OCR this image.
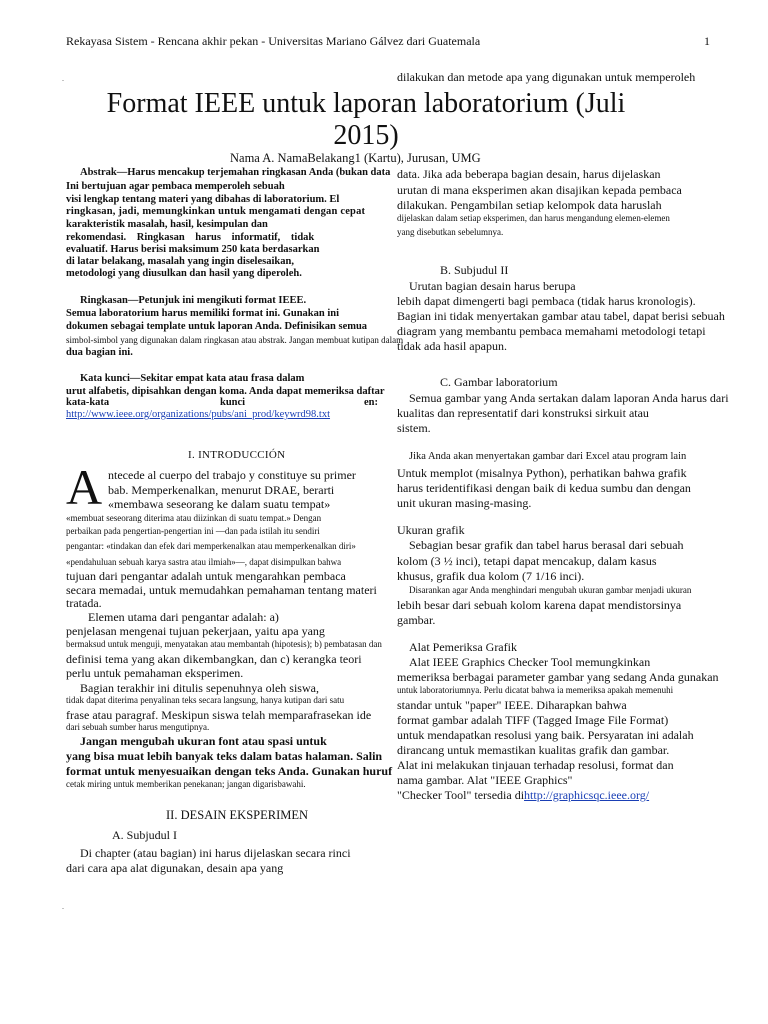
Rekayasa Sistem - Rencana akhir pekan - Universitas Mariano Gálvez dari Guatemala	1
.
.
Format IEEE untuk laporan laboratorium (Juli
2015)
Nama A. NamaBelakang1 (Kartu), Jurusan, UMG
dilakukan dan metode apa yang digunakan untuk memperoleh
Abstrak—Harus mencakup terjemahan ringkasan Anda (bukan data
Ini bertujuan agar pembaca memperoleh sebuah
visi lengkap tentang materi yang dibahas di laboratorium. El
ringkasan, jadi, memungkinkan untuk mengamati dengan cepat
karakteristik masalah, hasil, kesimpulan dan
rekomendasi. Ringkasan harus informatif, tidak
evaluatif. Harus berisi maksimum 250 kata berdasarkan
di latar belakang, masalah yang ingin diselesaikan,
metodologi yang diusulkan dan hasil yang diperoleh.
Ringkasan—Petunjuk ini mengikuti format IEEE.
Semua laboratorium harus memiliki format ini. Gunakan ini
dokumen sebagai template untuk laporan Anda. Definisikan semua
simbol-simbol yang digunakan dalam ringkasan atau abstrak. Jangan membuat kutipan dalam
dua bagian ini.
Kata kunci—Sekitar empat kata atau frasa dalam
urut alfabetis, dipisahkan dengan koma. Anda dapat memeriksa daftar
kata-kata	kunci	en:
http://www.ieee.org/organizations/pubs/ani_prod/keywrd98.txt
I. INTRODUCCIÓN
A ntecede al cuerpo del trabajo y constituye su primer
bab. Memperkenalkan, menurut DRAE, berarti
«membawa seseorang ke dalam suatu tempat»
«membuat seseorang diterima atau diizinkan di suatu tempat.» Dengan
perbaikan pada pengertian-pengertian ini —dan pada istilah itu sendiri
pengantar: «tindakan dan efek dari memperkenalkan atau memperkenalkan diri»
«pendahuluan sebuah karya sastra atau ilmiah»—, dapat disimpulkan bahwa
tujuan dari pengantar adalah untuk mengarahkan pembaca
secara memadai, untuk memudahkan pemahaman tentang materi
tratada.
Elemen utama dari pengantar adalah: a)
penjelasan mengenai tujuan pekerjaan, yaitu apa yang
bermaksud untuk menguji, menyatakan atau membantah (hipotesis); b) pembatasan dan
definisi tema yang akan dikembangkan, dan c) kerangka teori
perlu untuk pemahaman eksperimen.
Bagian terakhir ini ditulis sepenuhnya oleh siswa,
tidak dapat diterima penyalinan teks secara langsung, hanya kutipan dari satu
frase atau paragraf. Meskipun siswa telah memparafrasekan ide
dari sebuah sumber harus mengutipnya.
Jangan mengubah ukuran font atau spasi untuk
yang bisa muat lebih banyak teks dalam batas halaman. Salin
format untuk menyesuaikan dengan teks Anda. Gunakan huruf
cetak miring untuk memberikan penekanan; jangan digarisbawahi.
II. DESAIN EKSPERIMEN
A. Subjudul I
Di chapter (atau bagian) ini harus dijelaskan secara rinci
dari cara apa alat digunakan, desain apa yang
data. Jika ada beberapa bagian desain, harus dijelaskan
urutan di mana eksperimen akan disajikan kepada pembaca
dilakukan. Pengambilan setiap kelompok data haruslah
dijelaskan dalam setiap eksperimen, dan harus mengandung elemen-elemen
yang disebutkan sebelumnya.
B. Subjudul II
Urutan bagian desain harus berupa
lebih dapat dimengerti bagi pembaca (tidak harus kronologis).
Bagian ini tidak menyertakan gambar atau tabel, dapat berisi sebuah
diagram yang membantu pembaca memahami metodologi tetapi
tidak ada hasil apapun.
C. Gambar laboratorium
Semua gambar yang Anda sertakan dalam laporan Anda harus dari
kualitas dan representatif dari konstruksi sirkuit atau
sistem.
Jika Anda akan menyertakan gambar dari Excel atau program lain
Untuk memplot (misalnya Python), perhatikan bahwa grafik
harus teridentifikasi dengan baik di kedua sumbu dan dengan
unit ukuran masing-masing.
Ukuran grafik
Sebagian besar grafik dan tabel harus berasal dari sebuah
kolom (3 ½ inci), tetapi dapat mencakup, dalam kasus
khusus, grafik dua kolom (7 1/16 inci).
Disarankan agar Anda menghindari mengubah ukuran gambar menjadi ukuran
lebih besar dari sebuah kolom karena dapat mendistorsinya
gambar.
Alat Pemeriksa Grafik
Alat IEEE Graphics Checker Tool memungkinkan
memeriksa berbagai parameter gambar yang sedang Anda gunakan
untuk laboratoriumnya. Perlu dicatat bahwa ia memeriksa apakah memenuhi
standar untuk "paper" IEEE. Diharapkan bahwa
format gambar adalah TIFF (Tagged Image File Format)
untuk mendapatkan resolusi yang baik. Persyaratan ini adalah
dirancang untuk memastikan kualitas grafik dan gambar.
Alat ini melakukan tinjauan terhadap resolusi, format dan
nama gambar. Alat "IEEE Graphics"
"Checker Tool" tersedia dihttp://graphicsqc.ieee.org/
